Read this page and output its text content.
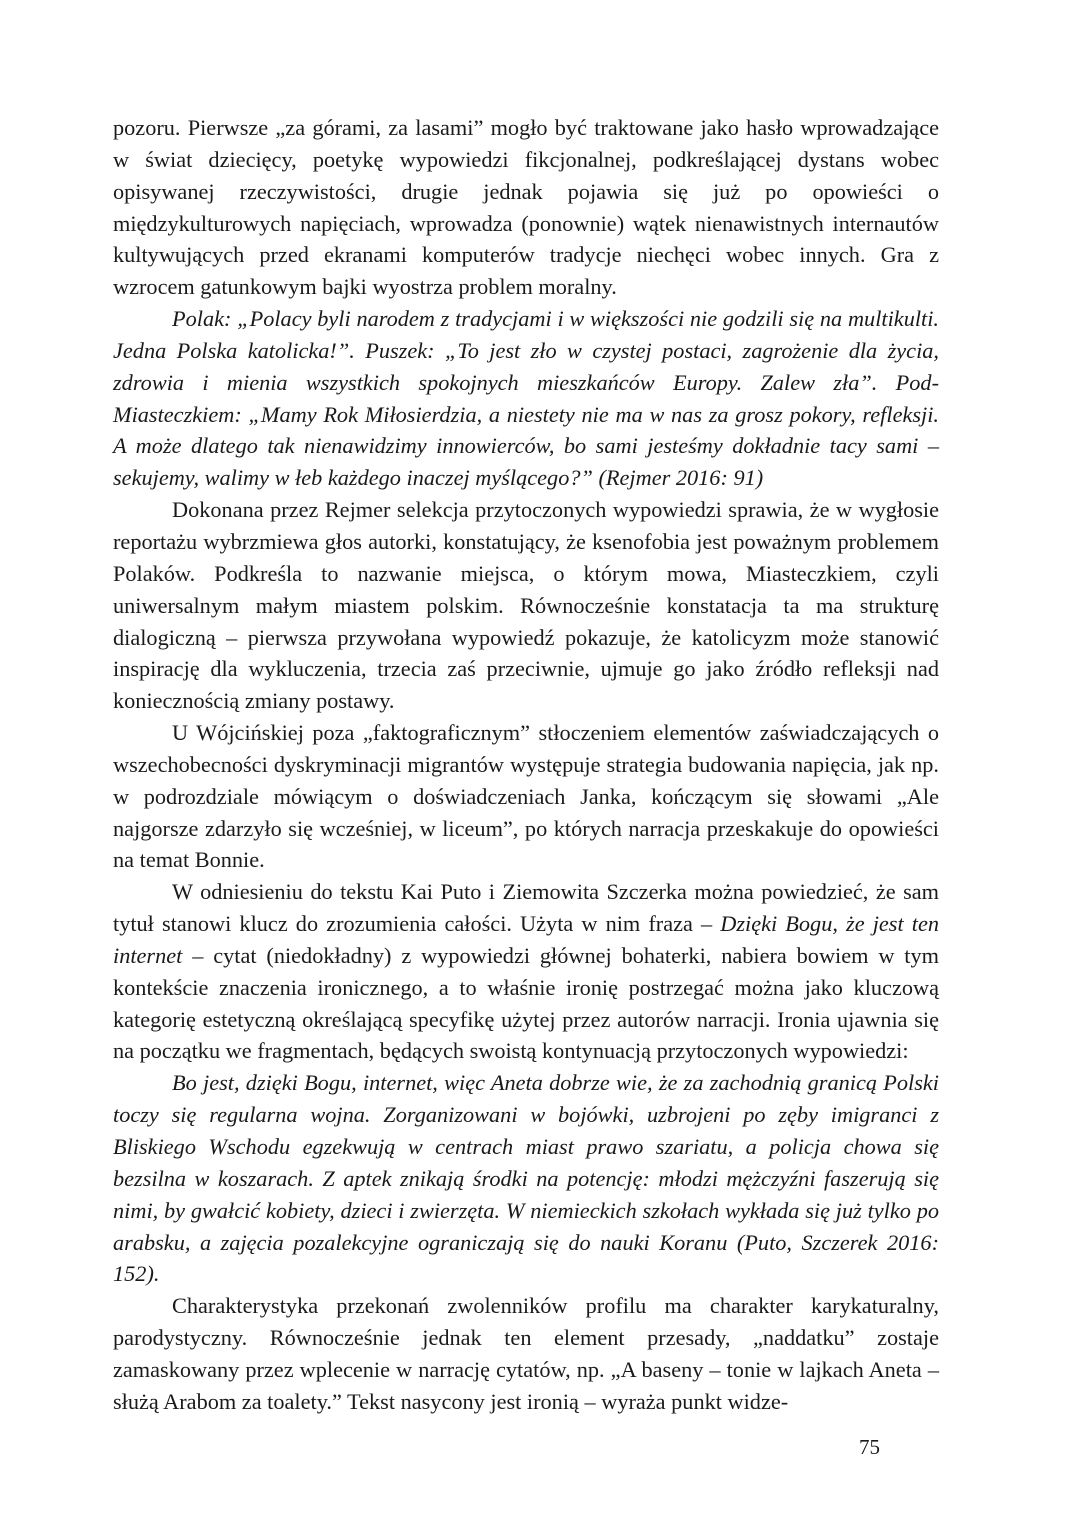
pozoru. Pierwsze „za górami, za lasami” mogło być traktowane jako hasło wprowadzające w świat dziecięcy, poetykę wypowiedzi fikcjonalnej, podkreślającej dystans wobec opisywanej rzeczywistości, drugie jednak pojawia się już po opowieści o międzykulturowych napięciach, wprowadza (ponownie) wątek nienawistnych internautów kultywujących przed ekranami komputerów tradycje niechęci wobec innych. Gra z wzrocem gatunkowym bajki wyostrza problem moralny.

Polak: „Polacy byli narodem z tradycjami i w większości nie godzili się na multikulti. Jedna Polska katolicka!”. Puszek: „To jest zło w czystej postaci, zagrożenie dla życia, zdrowia i mienia wszystkich spokojnych mieszkańców Europy. Zalew zła”. Pod-Miasteczkiem: „Mamy Rok Miłosierdzia, a niestety nie ma w nas za grosz pokory, refleksji. A może dlatego tak nienawidzimy innowierców, bo sami jesteśmy dokładnie tacy sami – sekujemy, walimy w łeb każdego inaczej myślącego?” (Rejmer 2016: 91)

Dokonana przez Rejmer selekcja przytoczonych wypowiedzi sprawia, że w wygłosie reportażu wybrzmiewa głos autorki, konstatujący, że ksenofobia jest poważnym problemem Polaków. Podkreśla to nazwanie miejsca, o którym mowa, Miasteczkiem, czyli uniwersalnym małym miastem polskim. Równocześnie konstatacja ta ma strukturę dialogiczną – pierwsza przywołana wypowiedź pokazuje, że katolicyzm może stanowić inspirację dla wykluczenia, trzecia zaś przeciwnie, ujmuje go jako źródło refleksji nad koniecznością zmiany postawy.

U Wójcińskiej poza „faktograficznym” stłoczeniem elementów zaświadczających o wszechobecności dyskryminacji migrantów występuje strategia budowania napięcia, jak np. w podrozdziale mówiącym o doświadczeniach Janka, kończącym się słowami „Ale najgorsze zdarzyło się wcześniej, w liceum”, po których narracja przeskakuje do opowieści na temat Bonnie.

W odniesieniu do tekstu Kai Puto i Ziemowita Szczerka można powiedzieć, że sam tytuł stanowi klucz do zrozumienia całości. Użyta w nim fraza – Dzięki Bogu, że jest ten internet – cytat (niedokładny) z wypowiedzi głównej bohaterki, nabiera bowiem w tym kontekście znaczenia ironicznego, a to właśnie ironię postrzegać można jako kluczową kategorię estetyczną określającą specyfikę użytej przez autorów narracji. Ironia ujawnia się na początku we fragmentach, będących swoistą kontynuacją przytoczonych wypowiedzi:

Bo jest, dzięki Bogu, internet, więc Aneta dobrze wie, że za zachodnią granicą Polski toczy się regularna wojna. Zorganizowani w bojówki, uzbrojeni po zęby imigranci z Bliskiego Wschodu egzekwują w centrach miast prawo szariatu, a policja chowa się bezsilna w koszarach. Z aptek znikają środki na potencję: młodzi mężczyźni faszerują się nimi, by gwałcić kobiety, dzieci i zwierzęta. W niemieckich szkołach wykłada się już tylko po arabsku, a zajęcia pozalekcyjne ograniczają się do nauki Koranu (Puto, Szczerek 2016: 152).

Charakterystyka przekonań zwolenników profilu ma charakter karykaturalny, parodystyczny. Równocześnie jednak ten element przesady, „naddatku” zostaje zamaskowany przez wplecenie w narrację cytatów, np. „A baseny – tonie w lajkach Aneta – służą Arabom za toalety.” Tekst nasycony jest ironią – wyraża punkt widze-

75
